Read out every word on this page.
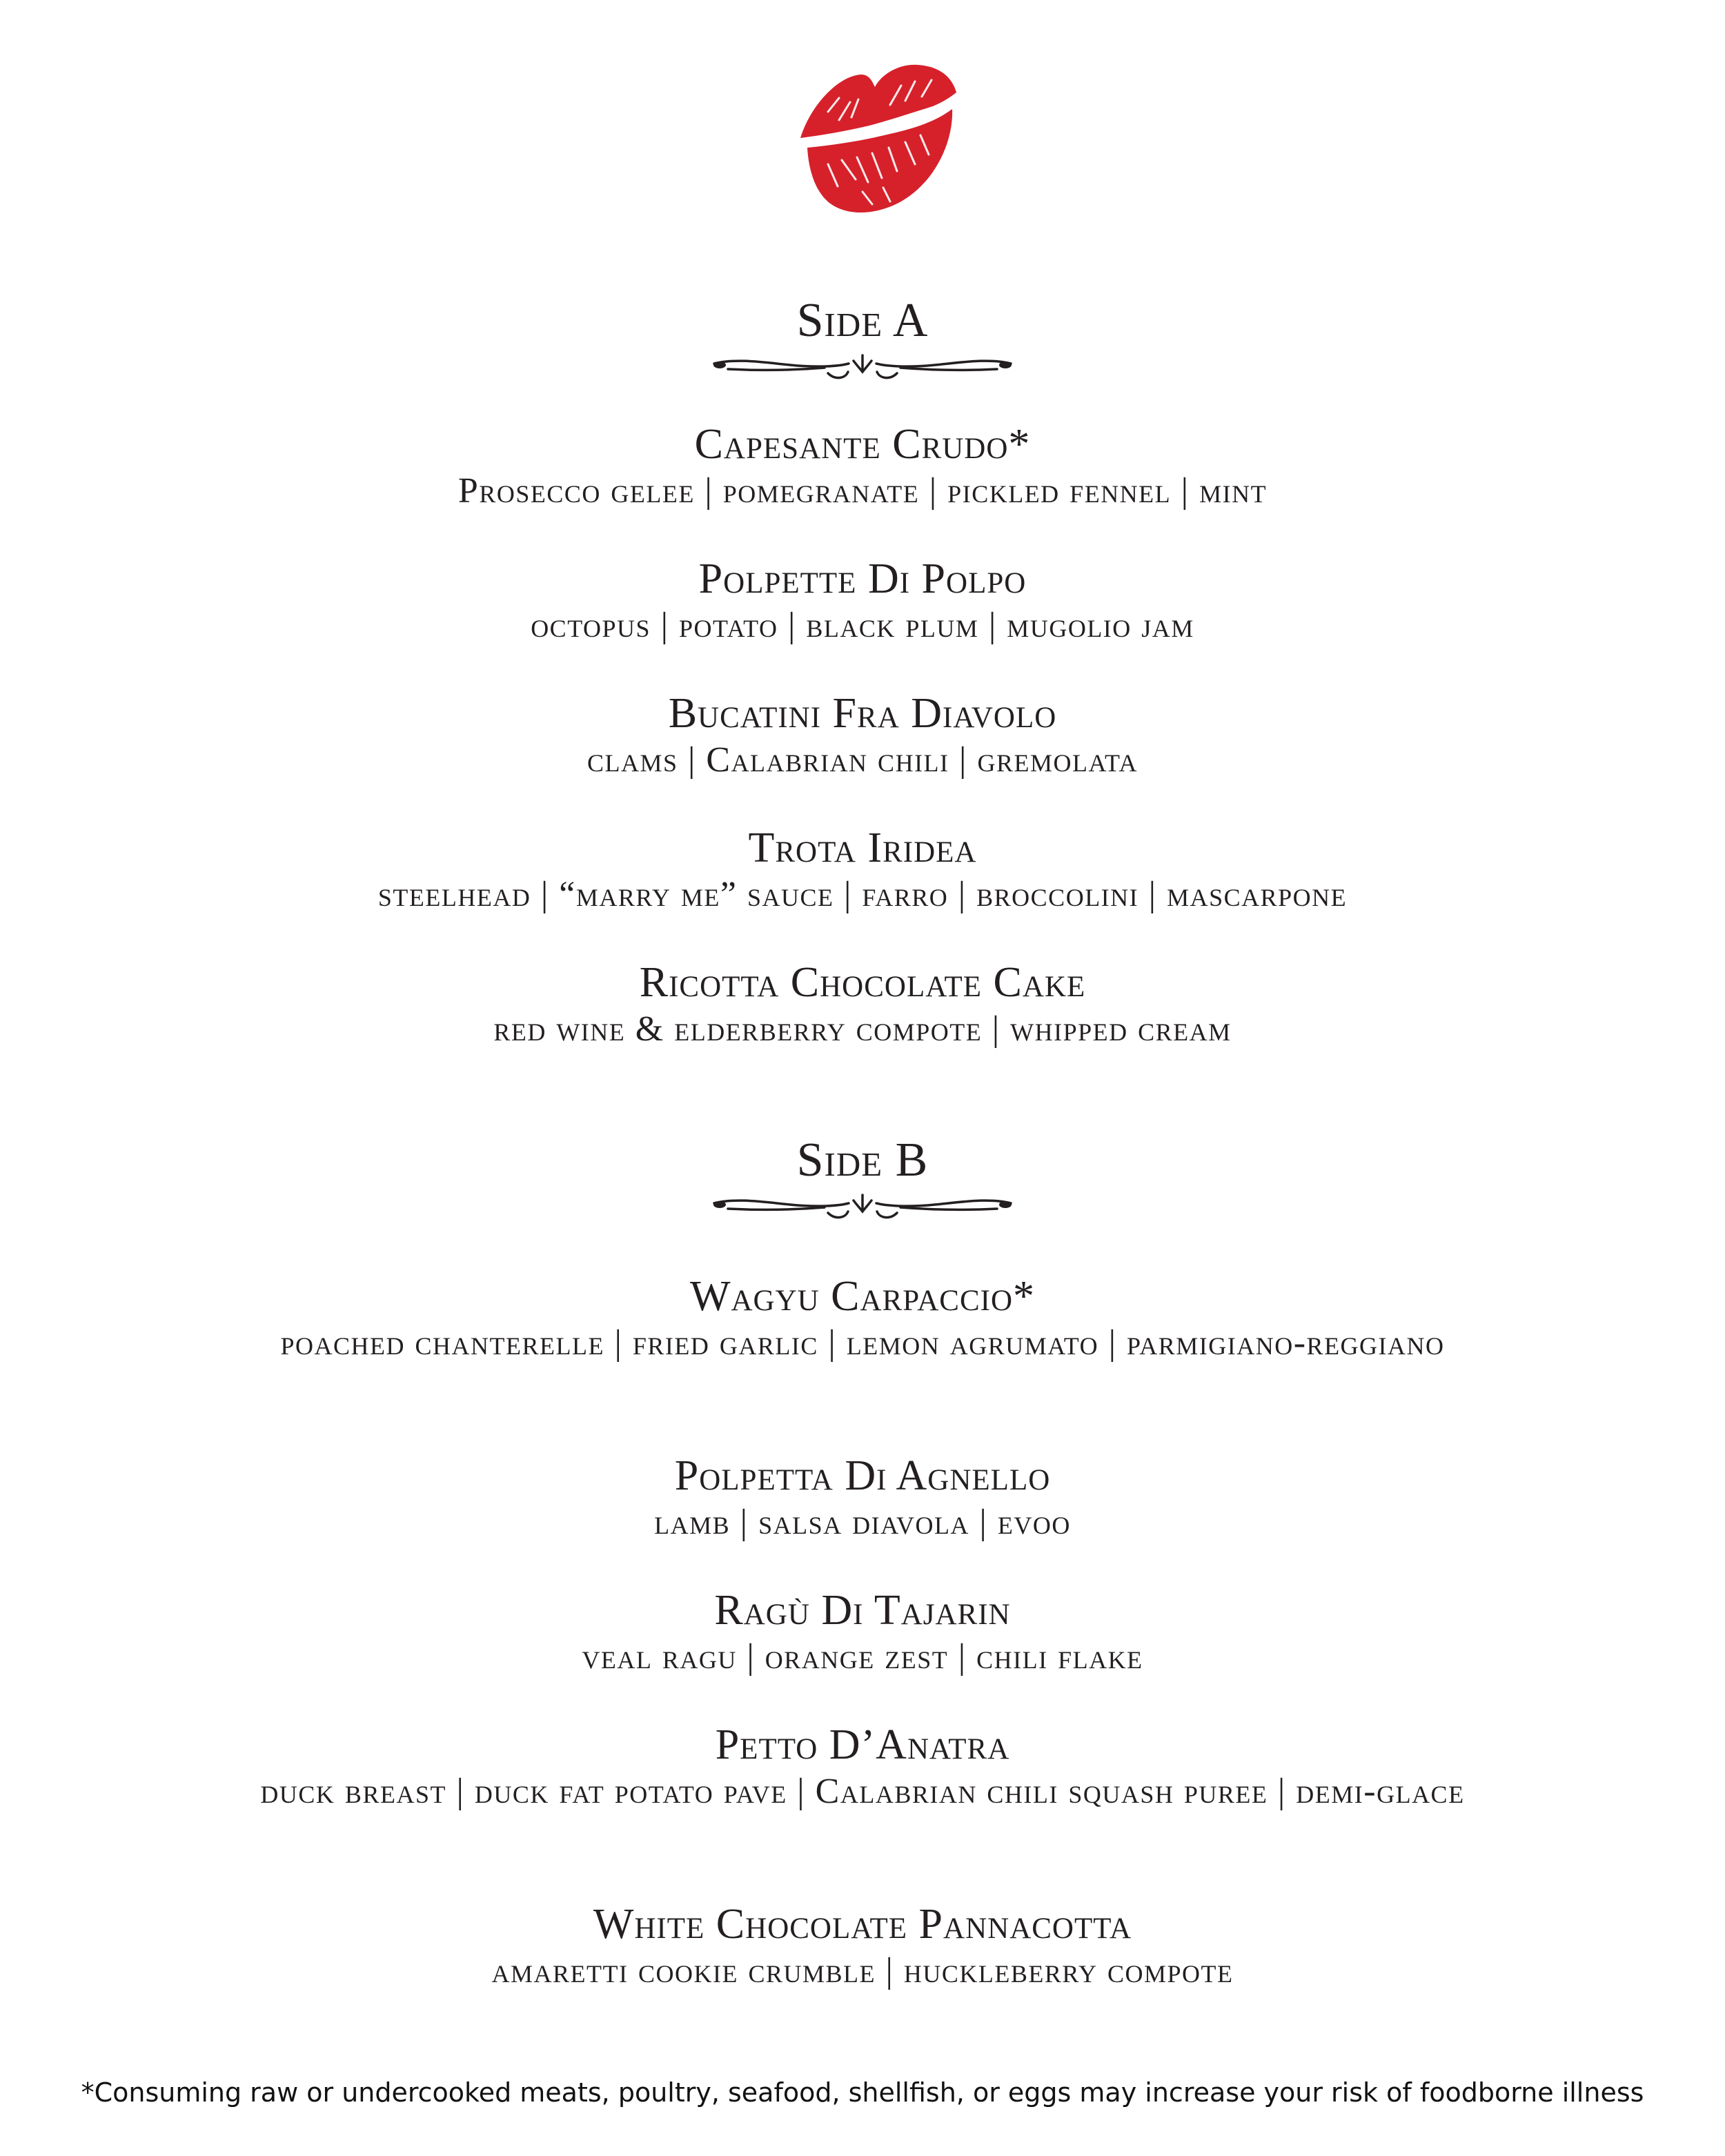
Side A
Capesante Crudo*
Prosecco gelee | pomegranate | pickled fennel | mint
Polpette Di Polpo
octopus | potato | black plum | mugolio jam
Bucatini Fra Diavolo
clams | Calabrian chili | gremolata
Trota Iridea
steelhead | “marry me” sauce | farro | broccolini | mascarpone
Ricotta Chocolate Cake
red wine & elderberry compote | whipped cream
Side B
Wagyu Carpaccio*
poached chanterelle | fried garlic | lemon agrumato | parmigiano-reggiano
Polpetta Di Agnello
lamb | salsa diavola | evoo
Ragù Di Tajarin
veal ragu | orange zest | chili flake
Petto D’Anatra
duck breast | duck fat potato pave | Calabrian chili squash puree | demi-glace
White Chocolate Pannacotta
amaretti cookie crumble | huckleberry compote
*Consuming raw or undercooked meats, poultry, seafood, shellfish, or eggs may increase your risk of foodborne illness
